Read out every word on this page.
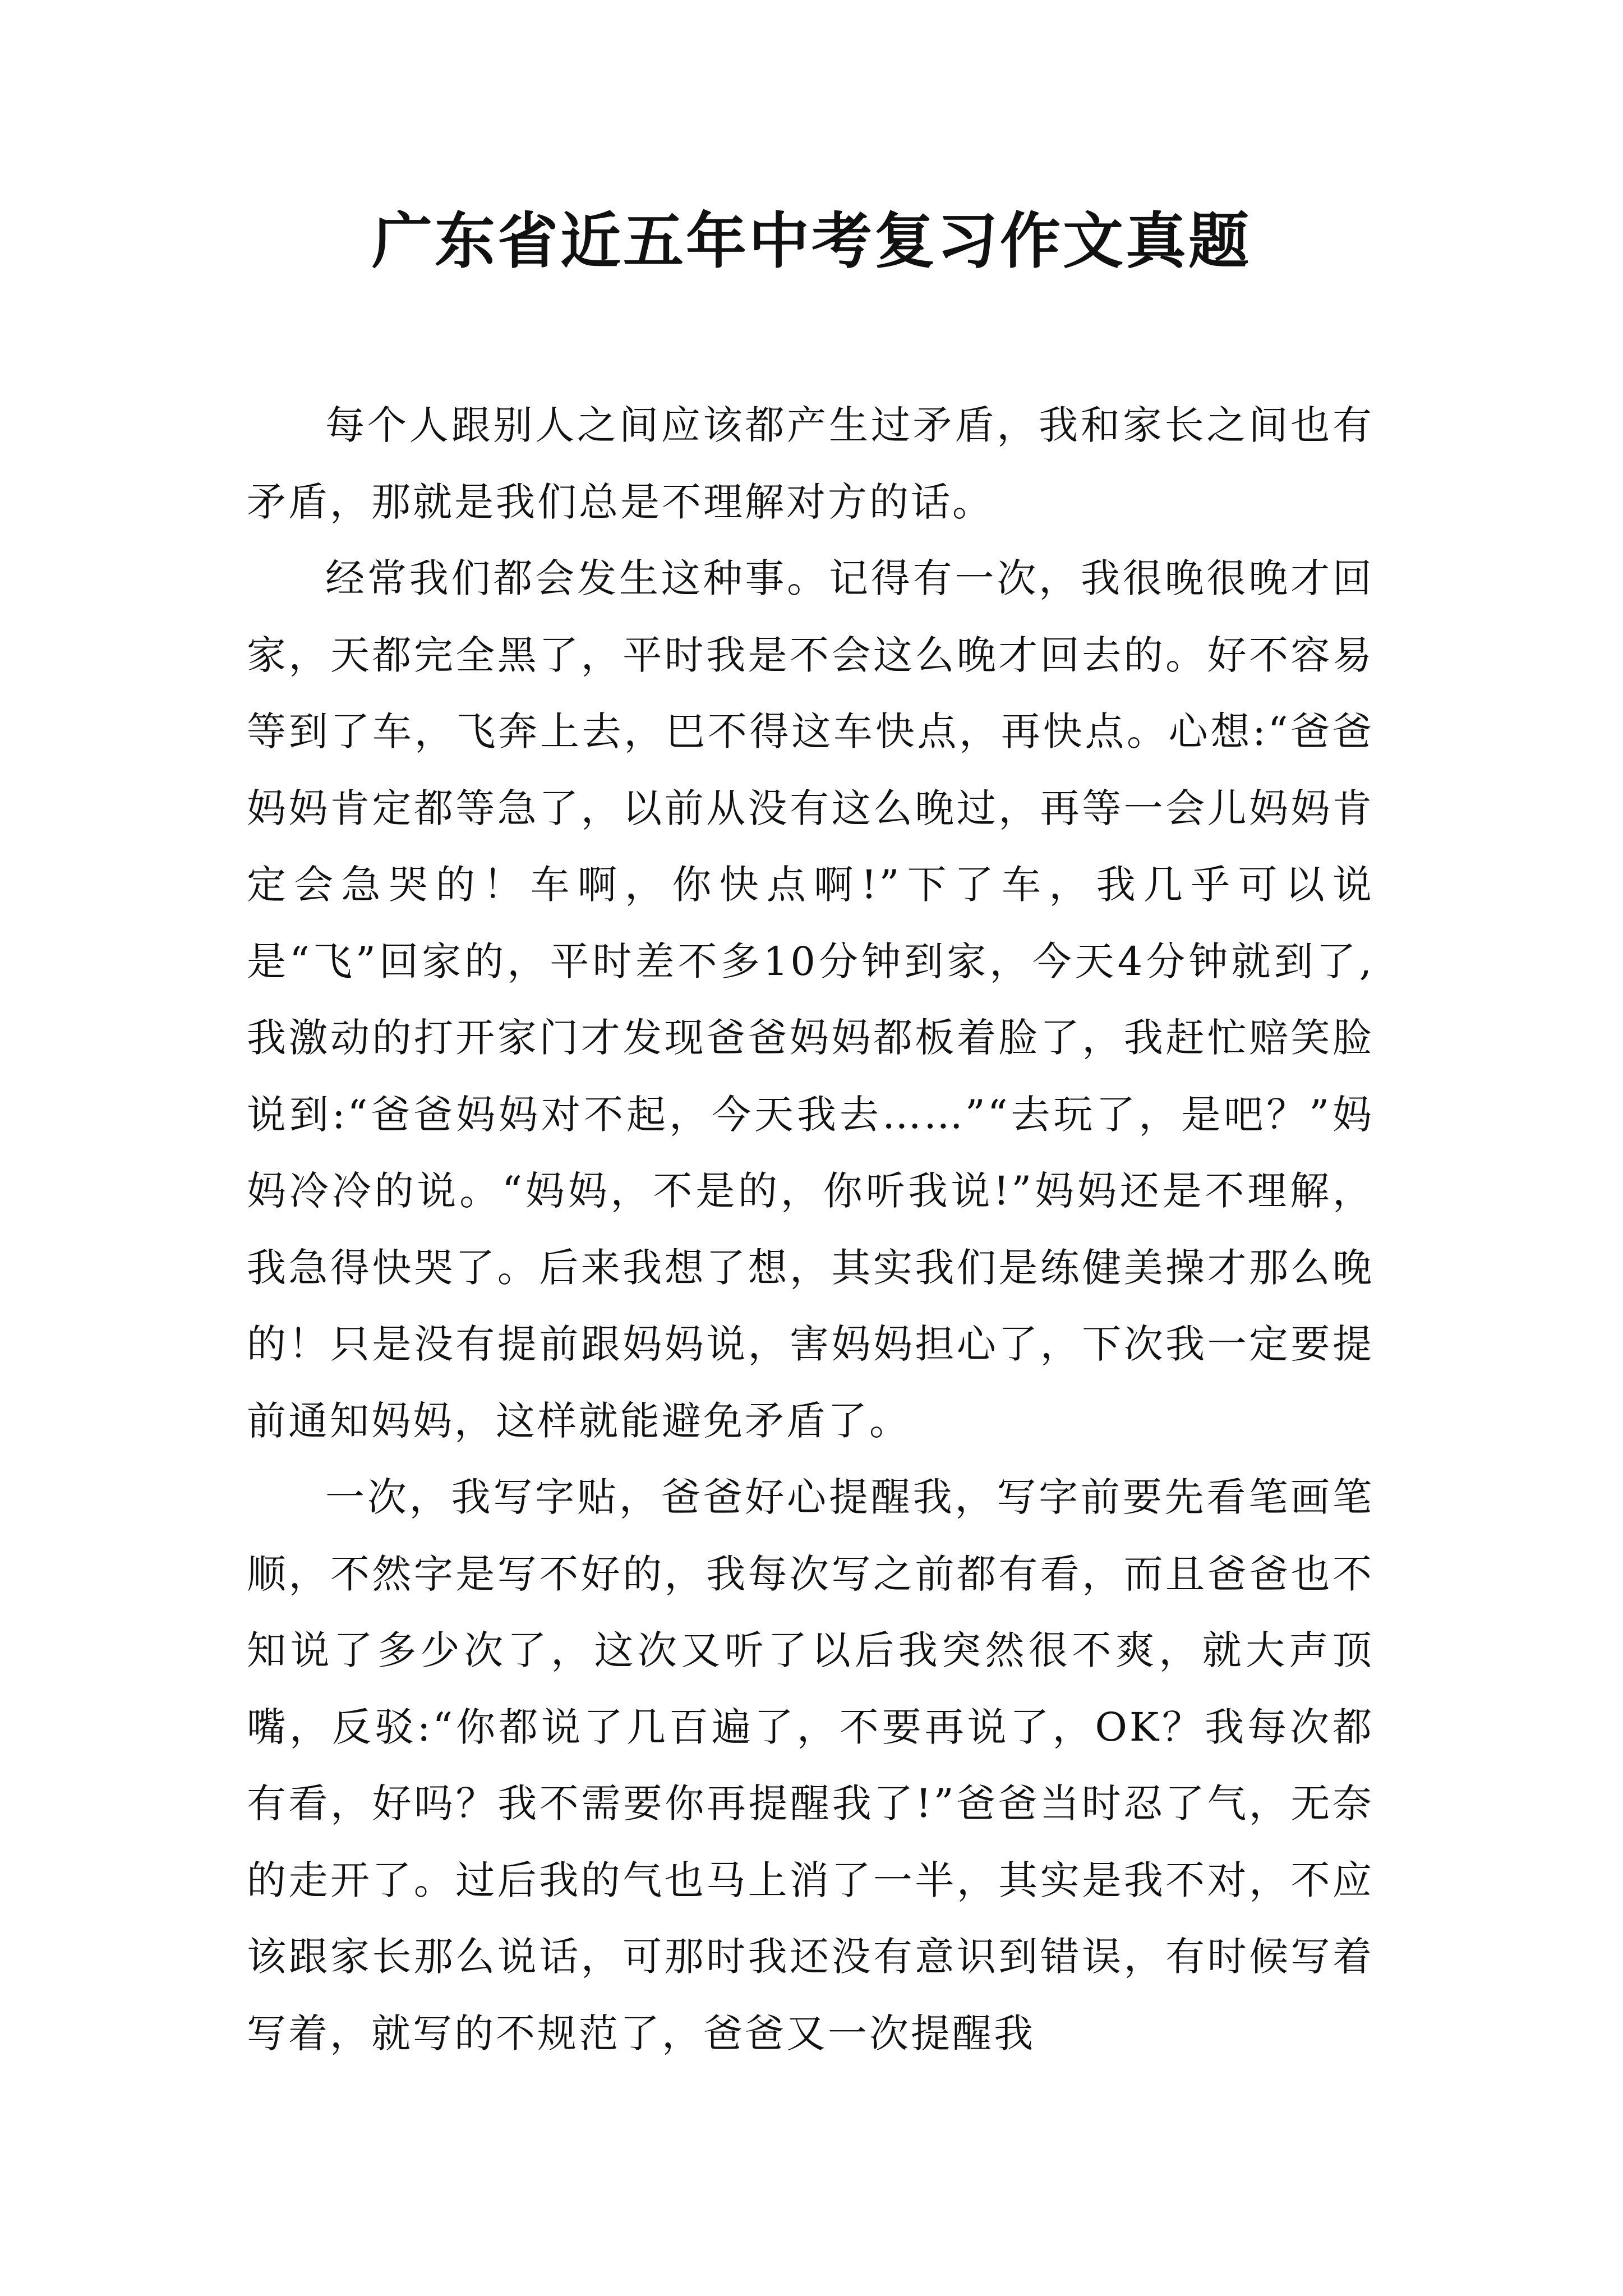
广东省近五年中考复习作文真题

每个人跟别人之间应该都产生过矛盾，我和家长之间也有矛盾，那就是我们总是不理解对方的话。

经常我们都会发生这种事。记得有一次，我很晚很晚才回家，天都完全黑了，平时我是不会这么晚才回去的。好不容易等到了车，飞奔上去，巴不得这车快点，再快点。心想:“爸爸妈妈肯定都等急了，以前从没有这么晚过，再等一会儿妈妈肯定会急哭的！车啊，你快点啊!”下了车，我几乎可以说是“飞”回家的，平时差不多10分钟到家，今天4分钟就到了,我激动的打开家门才发现爸爸妈妈都板着脸了，我赶忙赔笑脸说到:“爸爸妈妈对不起，今天我去……”“去玩了，是吧？”妈妈冷冷的说。“妈妈，不是的，你听我说!”妈妈还是不理解，我急得快哭了。后来我想了想，其实我们是练健美操才那么晚的！只是没有提前跟妈妈说，害妈妈担心了，下次我一定要提前通知妈妈，这样就能避免矛盾了。

一次，我写字贴，爸爸好心提醒我，写字前要先看笔画笔顺，不然字是写不好的，我每次写之前都有看，而且爸爸也不知说了多少次了，这次又听了以后我突然很不爽，就大声顶嘴，反驳:“你都说了几百遍了，不要再说了，OK？我每次都有看，好吗？我不需要你再提醒我了!”爸爸当时忍了气，无奈的走开了。过后我的气也马上消了一半，其实是我不对，不应该跟家长那么说话，可那时我还没有意识到错误，有时候写着写着，就写的不规范了，爸爸又一次提醒我
